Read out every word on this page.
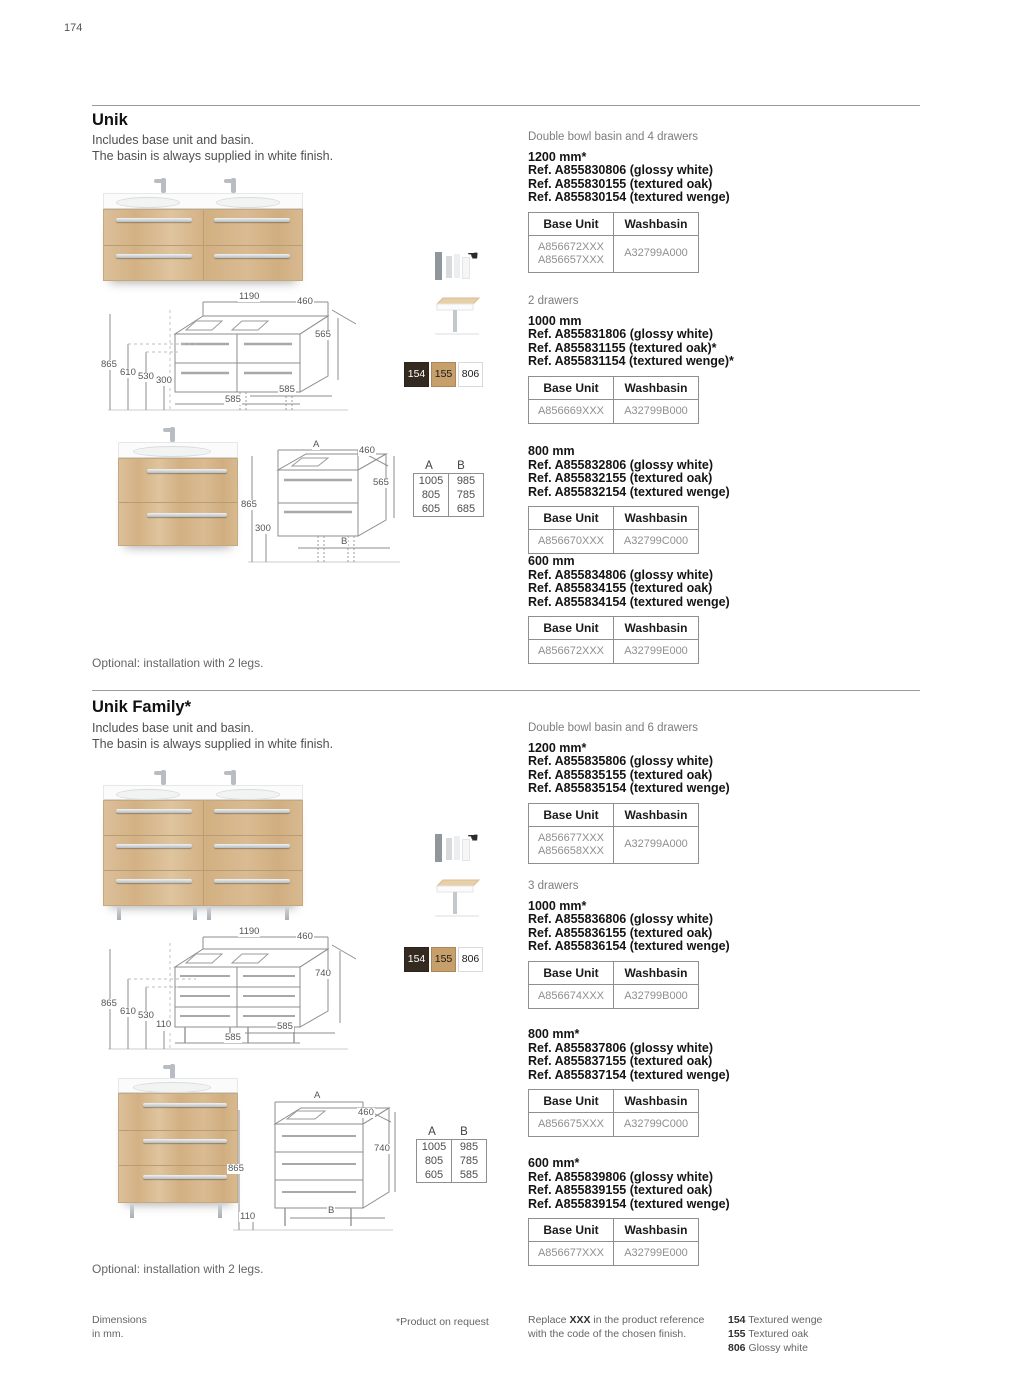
174
Unik
Includes base unit and basin.
The basin is always supplied in white finish.
1190	460
565
865
610 530 300
585
585
A
460
565
865
300
B
☚
154 155 806
A	B
1005	985
805	785
605	685
Optional: installation with 2 legs.
Double bowl basin and 4 drawers
1200 mm*
Ref. A855830806 (glossy white)
Ref. A855830155 (textured oak)
Ref. A855830154 (textured wenge)
Base Unit	Washbasin

A856672XXX
A856657XXX	A32799A000
2 drawers
1000 mm
Ref. A855831806 (glossy white)
Ref. A855831155 (textured oak)*
Ref. A855831154 (textured wenge)*
Base Unit	Washbasin
A856669XXX	A32799B000
800 mm
Ref. A855832806 (glossy white)
Ref. A855832155 (textured oak)
Ref. A855832154 (textured wenge)
Base Unit	Washbasin
A856670XXX	A32799C000
600 mm
Ref. A855834806 (glossy white)
Ref. A855834155 (textured oak)
Ref. A855834154 (textured wenge)
Base Unit	Washbasin
A856672XXX	A32799E000
Unik Family*
Includes base unit and basin.
The basin is always supplied in white finish.
1190	460
740
865
610 530
110	585
585
A
460
740
865
110
B
☚
154 155 806
A	B
1005	985
805	785
605	585
Optional: installation with 2 legs.
Double bowl basin and 6 drawers
1200 mm*
Ref. A855835806 (glossy white)
Ref. A855835155 (textured oak)
Ref. A855835154 (textured wenge)
Base Unit	Washbasin

A856677XXX
A856658XXX	A32799A000
3 drawers
1000 mm*
Ref. A855836806 (glossy white)
Ref. A855836155 (textured oak)
Ref. A855836154 (textured wenge)
Base Unit	Washbasin
A856674XXX	A32799B000
800 mm*
Ref. A855837806 (glossy white)
Ref. A855837155 (textured oak)
Ref. A855837154 (textured wenge)
Base Unit	Washbasin
A856675XXX	A32799C000
600 mm*
Ref. A855839806 (glossy white)
Ref. A855839155 (textured oak)
Ref. A855839154 (textured wenge)
Base Unit	Washbasin
A856677XXX	A32799E000
Dimensions
in mm.
*Product on request	Replace XXX in the product reference
with the code of the chosen finish.
154 Textured wenge
155 Textured oak
806 Glossy white
